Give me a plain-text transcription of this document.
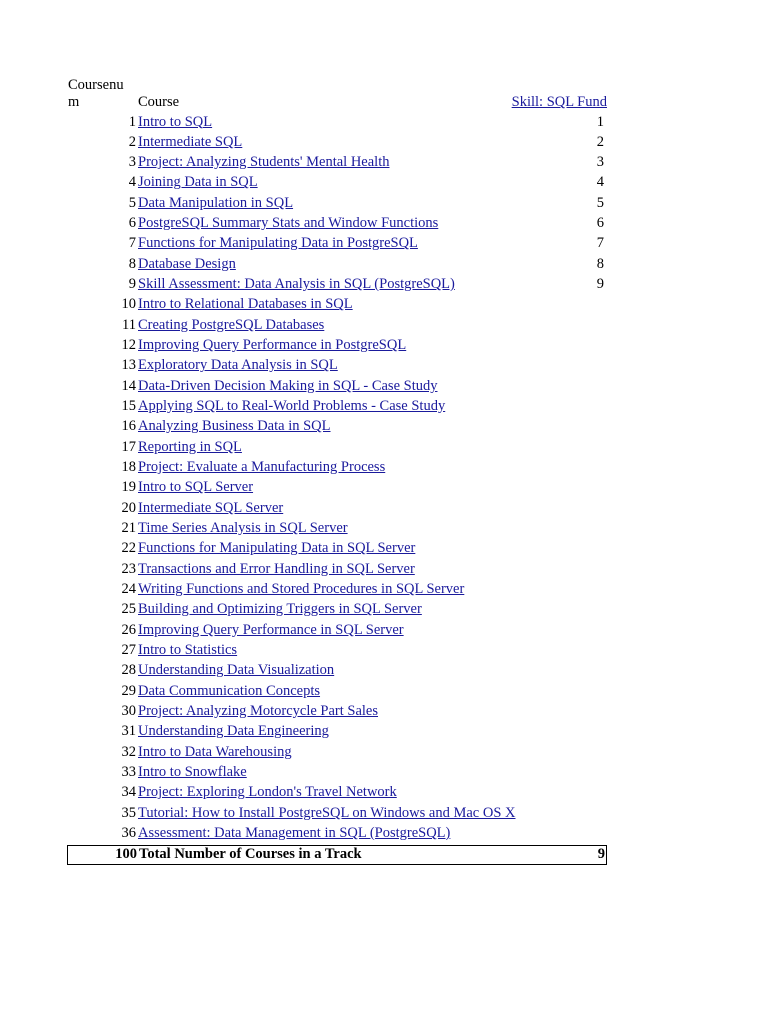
Coursenu m	Course	Skill: SQL Fund
1 Intro to SQL	1
2 Intermediate SQL	2
3 Project: Analyzing Students' Mental Health	3
4 Joining Data in SQL	4
5 Data Manipulation in SQL	5
6 PostgreSQL Summary Stats and Window Functions	6
7 Functions for Manipulating Data in PostgreSQL	7
8 Database Design	8
9 Skill Assessment: Data Analysis in SQL (PostgreSQL)	9
10 Intro to Relational Databases in SQL
11 Creating PostgreSQL Databases
12 Improving Query Performance in PostgreSQL
13 Exploratory Data Analysis in SQL
14 Data-Driven Decision Making in SQL - Case Study
15 Applying SQL to Real-World Problems - Case Study
16 Analyzing Business Data in SQL
17 Reporting in SQL
18 Project: Evaluate a Manufacturing Process
19 Intro to SQL Server
20 Intermediate SQL Server
21 Time Series Analysis in SQL Server
22 Functions for Manipulating Data in SQL Server
23 Transactions and Error Handling in SQL Server
24 Writing Functions and Stored Procedures in SQL Server
25 Building and Optimizing Triggers in SQL Server
26 Improving Query Performance in SQL Server
27 Intro to Statistics
28 Understanding Data Visualization
29 Data Communication Concepts
30 Project: Analyzing Motorcycle Part Sales
31 Understanding Data Engineering
32 Intro to Data Warehousing
33 Intro to Snowflake
34 Project: Exploring London's Travel Network
35 Tutorial: How to Install PostgreSQL on Windows and Mac OS X
36 Assessment: Data Management in SQL (PostgreSQL)
100 Total Number of Courses in a Track	9
